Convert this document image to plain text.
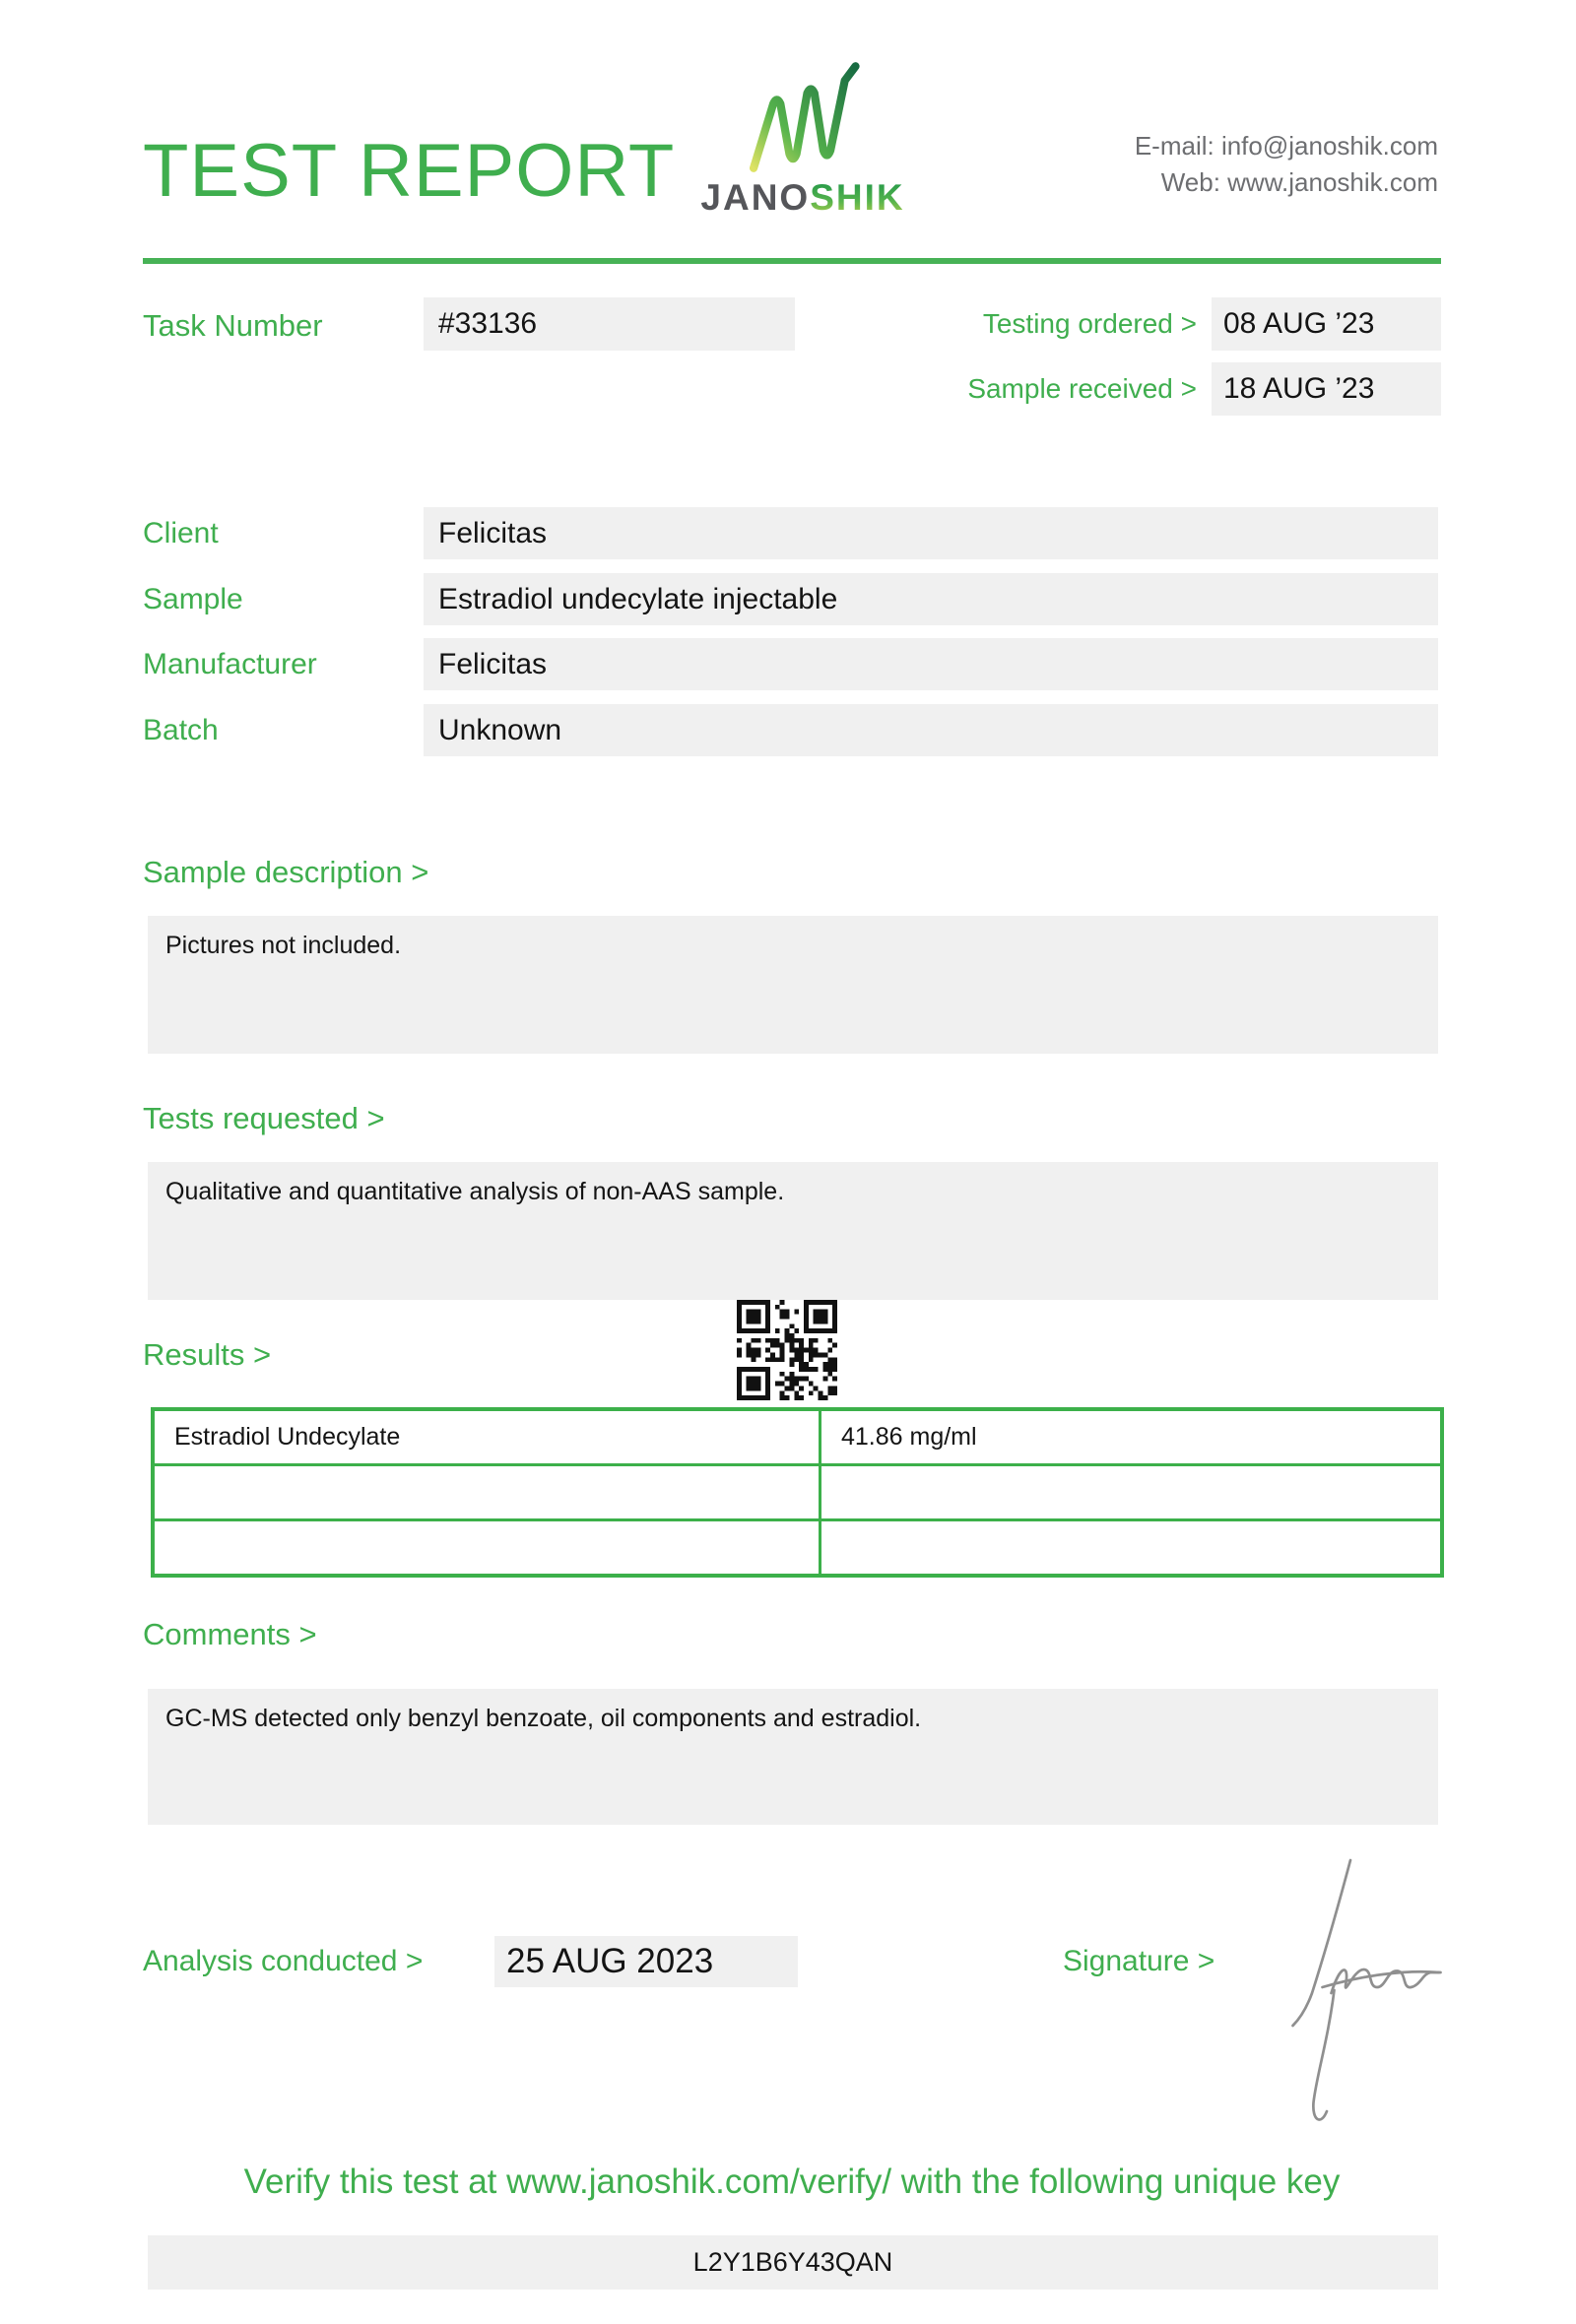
TEST REPORT JANOSHIK
E-mail: info@janoshik.com
Web: www.janoshik.com
Task Number	#33136	Testing ordered > 08 AUG ’23
Sample received > 18 AUG ’23
Client	Felicitas
Sample	Estradiol undecylate injectable
Manufacturer	Felicitas
Batch	Unknown
Sample description >
Pictures not included.
Tests requested >
Qualitative and quantitative analysis of non-AAS sample.
Results >
Estradiol Undecylate	41.86 mg/ml

Comments >
GC-MS detected only benzyl benzoate, oil components and estradiol.
Analysis conducted >	25 AUG 2023	Signature >
Verify this test at www.janoshik.com/verify/ with the following unique key
L2Y1B6Y43QAN
